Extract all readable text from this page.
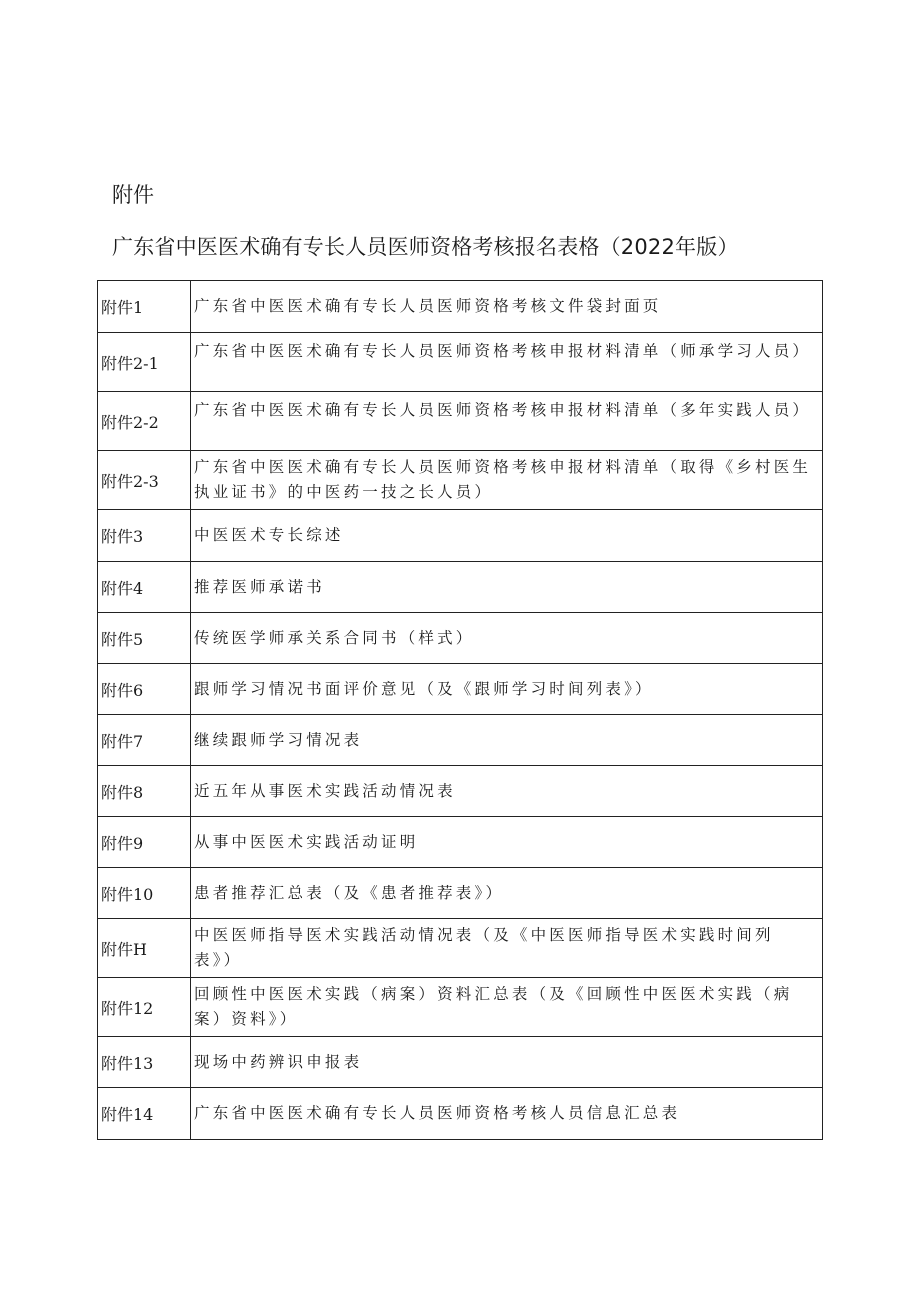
附件
广东省中医医术确有专长人员医师资格考核报名表格（2022年版）
附件1	广东省中医医术确有专长人员医师资格考核文件袋封面页
附件2-1	广东省中医医术确有专长人员医师资格考核申报材料清单（师承学习人员）
附件2-2	广东省中医医术确有专长人员医师资格考核申报材料清单（多年实践人员）
附件2-3	广东省中医医术确有专长人员医师资格考核申报材料清单（取得《乡村医生执业证书》的中医药一技之长人员）
附件3	中医医术专长综述
附件4	推荐医师承诺书
附件5	传统医学师承关系合同书（样式）
附件6	跟师学习情况书面评价意见（及《跟师学习时间列表》）
附件7	继续跟师学习情况表
附件8	近五年从事医术实践活动情况表
附件9	从事中医医术实践活动证明
附件10	患者推荐汇总表（及《患者推荐表》）
附件H	中医医师指导医术实践活动情况表（及《中医医师指导医术实践时间列表》）
附件12	回顾性中医医术实践（病案）资料汇总表（及《回顾性中医医术实践（病案）资料》）
附件13	现场中药辨识申报表
附件14	广东省中医医术确有专长人员医师资格考核人员信息汇总表
